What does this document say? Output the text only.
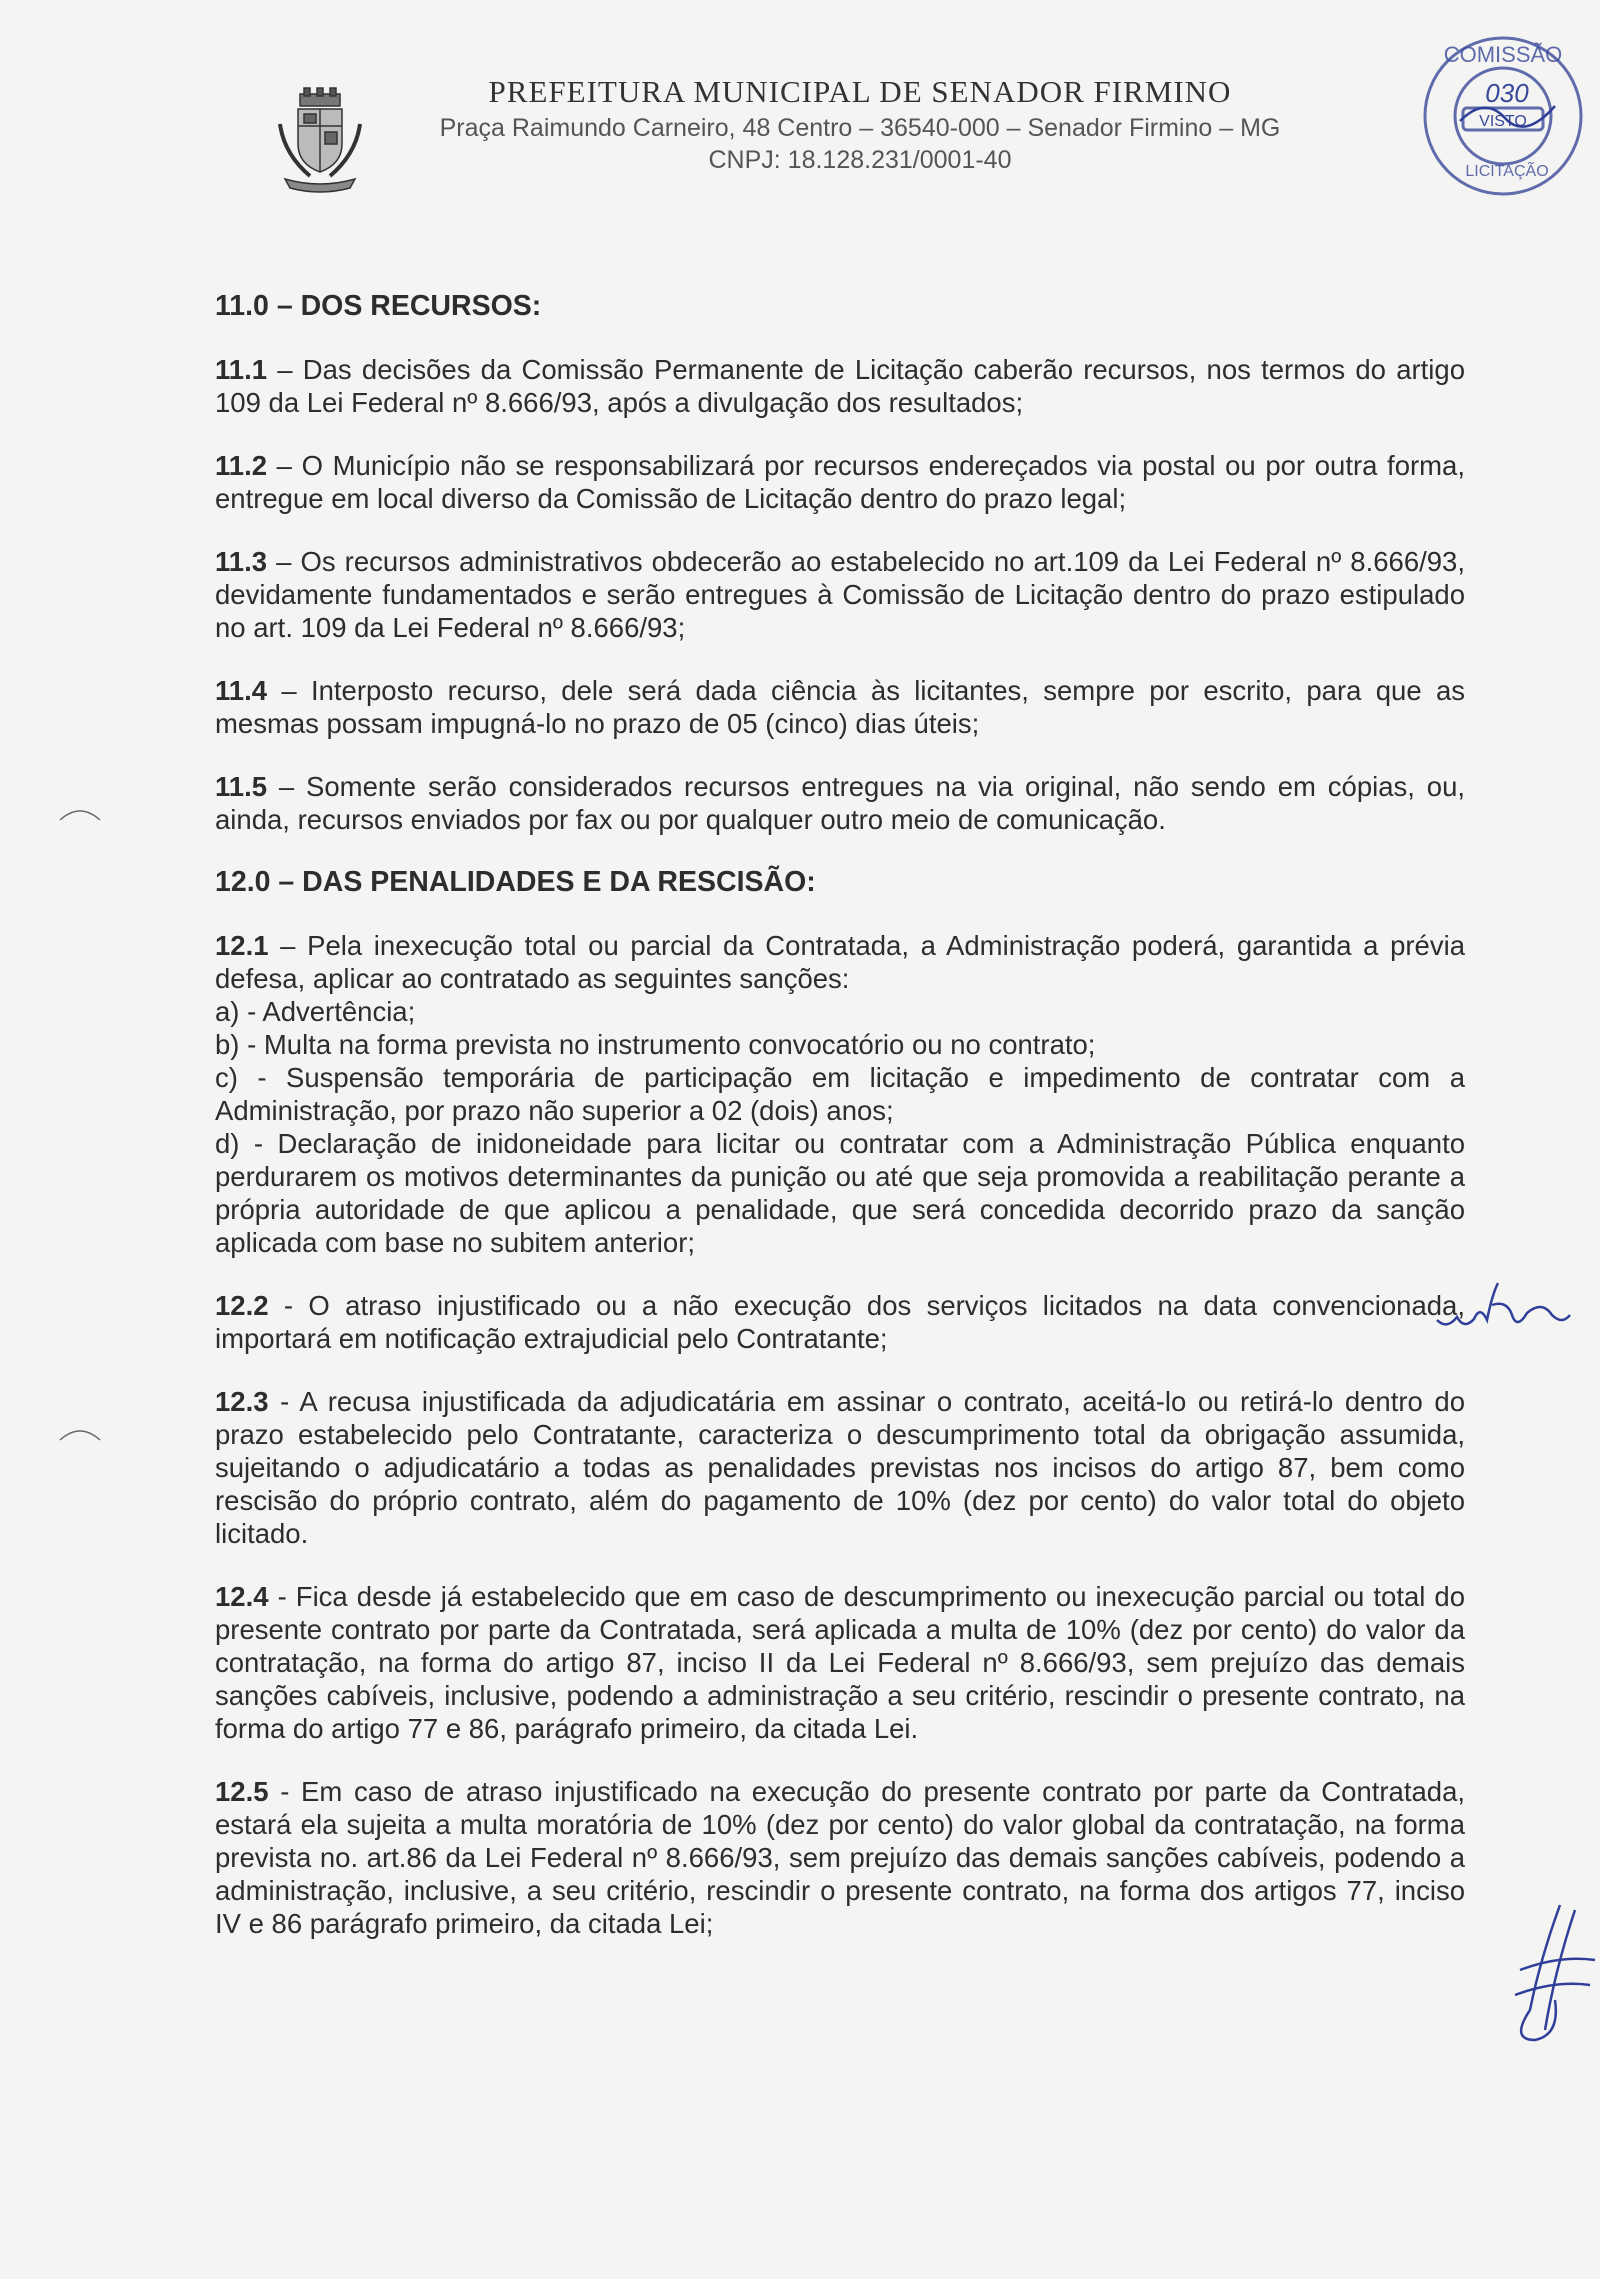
PREFEITURA MUNICIPAL DE SENADOR FIRMINO

Praça Raimundo Carneiro, 48 Centro – 36540-000 – Senador Firmino – MG

CNPJ: 18.128.231/0001-40

COMISSÃO
030
VISTO
LICITAÇÃO

11.0 – DOS RECURSOS:

11.1 – Das decisões da Comissão Permanente de Licitação caberão recursos, nos termos do artigo 109 da Lei Federal nº 8.666/93, após a divulgação dos resultados;

11.2 – O Município não se responsabilizará por recursos endereçados via postal ou por outra forma, entregue em local diverso da Comissão de Licitação dentro do prazo legal;

11.3 – Os recursos administrativos obdecerão ao estabelecido no art.109 da Lei Federal nº 8.666/93, devidamente fundamentados e serão entregues à Comissão de Licitação dentro do prazo estipulado no art. 109 da Lei Federal nº 8.666/93;

11.4 – Interposto recurso, dele será dada ciência às licitantes, sempre por escrito, para que as mesmas possam impugná-lo no prazo de 05 (cinco) dias úteis;

11.5 – Somente serão considerados recursos entregues na via original, não sendo em cópias, ou, ainda, recursos enviados por fax ou por qualquer outro meio de comunicação.

12.0 – DAS PENALIDADES E DA RESCISÃO:

12.1 – Pela inexecução total ou parcial da Contratada, a Administração poderá, garantida a prévia defesa, aplicar ao contratado as seguintes sanções:

a) - Advertência;

b) - Multa na forma prevista no instrumento convocatório ou no contrato;

c) - Suspensão temporária de participação em licitação e impedimento de contratar com a Administração, por prazo não superior a 02 (dois) anos;

d) - Declaração de inidoneidade para licitar ou contratar com a Administração Pública enquanto perdurarem os motivos determinantes da punição ou até que seja promovida a reabilitação perante a própria autoridade de que aplicou a penalidade, que será concedida decorrido prazo da sanção aplicada com base no subitem anterior;

12.2 - O atraso injustificado ou a não execução dos serviços licitados na data convencionada, importará em notificação extrajudicial pelo Contratante;

12.3 - A recusa injustificada da adjudicatária em assinar o contrato, aceitá-lo ou retirá-lo dentro do prazo estabelecido pelo Contratante, caracteriza o descumprimento total da obrigação assumida, sujeitando o adjudicatário a todas as penalidades previstas nos incisos do artigo 87, bem como rescisão do próprio contrato, além do pagamento de 10% (dez por cento) do valor total do objeto licitado.

12.4 - Fica desde já estabelecido que em caso de descumprimento ou inexecução parcial ou total do presente contrato por parte da Contratada, será aplicada a multa de 10% (dez por cento) do valor da contratação, na forma do artigo 87, inciso II da Lei Federal nº 8.666/93, sem prejuízo das demais sanções cabíveis, inclusive, podendo a administração a seu critério, rescindir o presente contrato, na forma do artigo 77 e 86, parágrafo primeiro, da citada Lei.

12.5 - Em caso de atraso injustificado na execução do presente contrato por parte da Contratada, estará ela sujeita a multa moratória de 10% (dez por cento) do valor global da contratação, na forma prevista no. art.86 da Lei Federal nº 8.666/93, sem prejuízo das demais sanções cabíveis, podendo a administração, inclusive, a seu critério, rescindir o presente contrato, na forma dos artigos 77, inciso IV e 86 parágrafo primeiro, da citada Lei;
